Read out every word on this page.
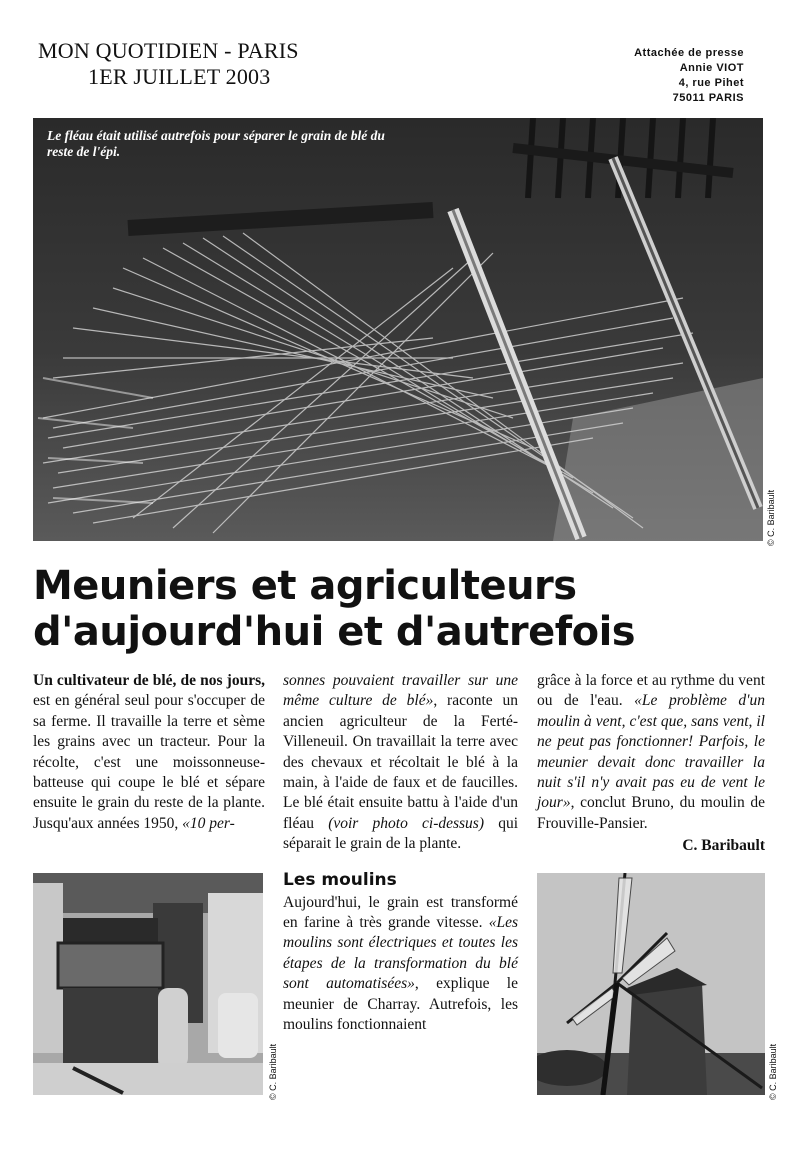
MON QUOTIDIEN - PARIS
1ER JUILLET 2003
Attachée de presse
Annie VIOT
4, rue Pihet
75011 PARIS
Le fléau était utilisé autrefois pour séparer le grain de blé du reste de l'épi.
© C. Baribault
Meuniers et agriculteurs
d'aujourd'hui et d'autrefois
Un cultivateur de blé, de nos jours, est en général seul pour s'occuper de sa ferme. Il travaille la terre et sème les grains avec un tracteur. Pour la récolte, c'est une moissonneuse-batteuse qui coupe le blé et sépare ensuite le grain du reste de la plante. Jusqu'aux années 1950, «10 per-
sonnes pouvaient travailler sur une même culture de blé», raconte un ancien agriculteur de la Ferté-Villeneuil. On travaillait la terre avec des chevaux et récoltait le blé à la main, à l'aide de faux et de faucilles. Le blé était ensuite battu à l'aide d'un fléau (voir photo ci-dessus) qui séparait le grain de la plante.
Les moulins
Aujourd'hui, le grain est transformé en farine à très grande vitesse. «Les moulins sont électriques et toutes les étapes de la transformation du blé sont automatisées», explique le meunier de Charray. Autrefois, les moulins fonctionnaient
grâce à la force et au rythme du vent ou de l'eau. «Le problème d'un moulin à vent, c'est que, sans vent, il ne peut pas fonctionner! Parfois, le meunier devait donc travailler la nuit s'il n'y avait pas eu de vent le jour», conclut Bruno, du moulin de Frouville-Pansier.
C. Baribault
© C. Baribault	© C. Baribault
